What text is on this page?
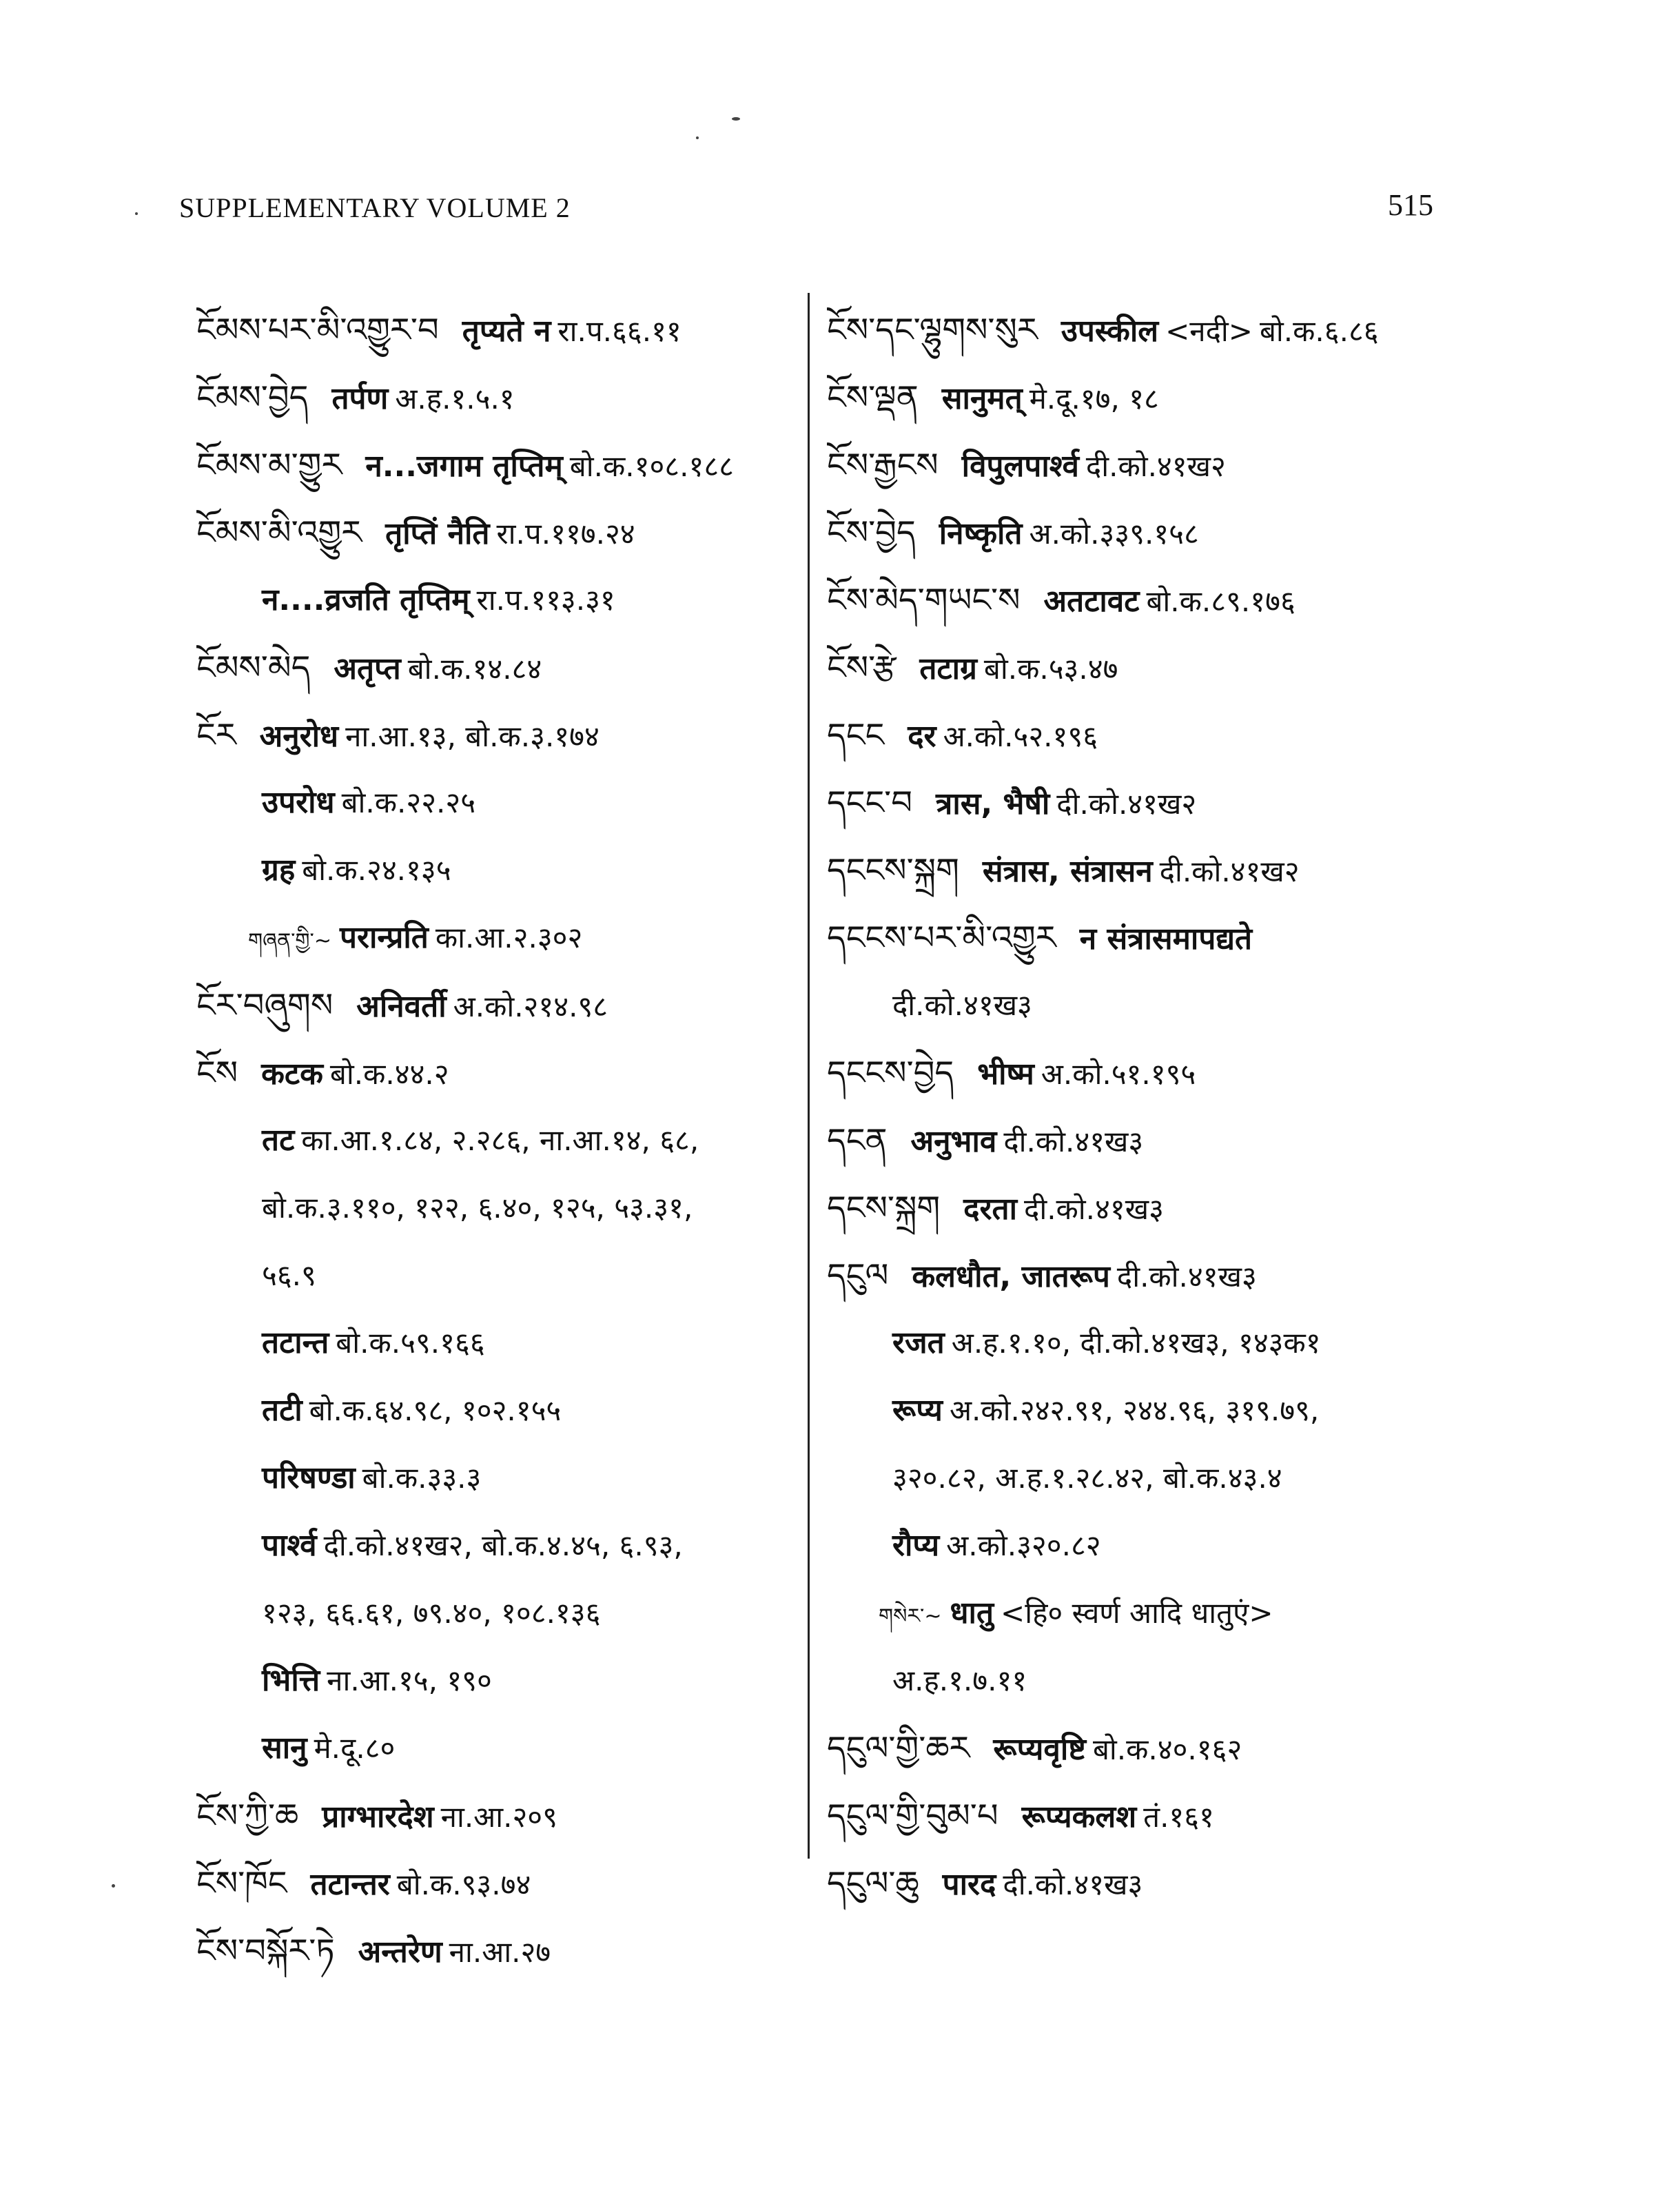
SUPPLEMENTARY VOLUME 2	515
ངོམས་པར་མི་འགྱུར་བ तृप्यते न रा.प.६६.११
ངོམས་བྱེད तर्पण अ.ह.१.५.१
ངོམས་མ་གྱུར न...जगाम तृप्तिम् बो.क.१०८.१८८
ངོམས་མི་འགྱུར तृप्तिं नैति रा.प.११७.२४
न....व्रजति तृप्तिम् रा.प.११३.३१
ངོམས་མེད अतृप्त बो.क.१४.८४
ངོར अनुरोध ना.आ.१३, बो.क.३.१७४
उपरोध बो.क.२२.२५
ग्रह बो.क.२४.१३५
གཞན་གྱི་~ परान्प्रति का.आ.२.३०२
ངོར་བཞུགས अनिवर्ती अ.को.२१४.९८
ངོས कटक बो.क.४४.२
तट का.आ.१.८४, २.२८६, ना.आ.१४, ६८,
बो.क.३.११०, १२२, ६.४०, १२५, ५३.३१,
५६.९
तटान्त बो.क.५९.१६६
तटी बो.क.६४.९८, १०२.१५५
परिषण्डा बो.क.३३.३
पार्श्व दी.को.४१ख२, बो.क.४.४५, ६.९३,
१२३, ६६.६१, ७९.४०, १०८.१३६
भित्ति ना.आ.१५, १९०
सानु मे.दू.८०
ངོས་ཀྱི་ཆ प्राग्भारदेश ना.आ.२०९
ངོས་ཁོང तटान्तर बो.क.९३.७४
ངོས་བསྐོར་ཏེ अन्तरेण ना.आ.२७
ངོས་དང་ལྷུགས་སུར उपस्कील <नदी> बो.क.६.८६
ངོས་ལྡན सानुमत् मे.दू.१७, १८
ངོས་རྒྱངས विपुलपार्श्व दी.को.४१ख२
ངོས་བྱེད निष्कृति अ.को.३३९.१५८
ངོས་མེད་གཡང་ས अतटावट बो.क.८९.१७६
ངོས་རྩེ तटाग्र बो.क.५३.४७
དངང दर अ.को.५२.१९६
དངང་བ त्रास, भैषी दी.को.४१ख२
དངངས་སྐྲག संत्रास, संत्रासन दी.को.४१ख२
དངངས་པར་མི་འགྱུར न संत्रासमापद्यते
दी.को.४१ख३
དངངས་བྱེད भीष्म अ.को.५१.१९५
དངན अनुभाव दी.को.४१ख३
དངས་སྐྲག दरता दी.को.४१ख३
དངུལ कलधौत, जातरूप दी.को.४१ख३
रजत अ.ह.१.१०, दी.को.४१ख३, १४३क१
रूप्य अ.को.२४२.९१, २४४.९६, ३१९.७९,
३२०.८२, अ.ह.१.२८.४२, बो.क.४३.४
रौप्य अ.को.३२०.८२
གསེར་~ धातु <हि० स्वर्ण आदि धातुएं>
अ.ह.१.७.११
དངུལ་གྱི་ཆར रूप्यवृष्टि बो.क.४०.१६२
དངུལ་གྱི་བུམ་པ रूप्यकलश तं.१६१
དངུལ་ཆུ पारद दी.को.४१ख३
